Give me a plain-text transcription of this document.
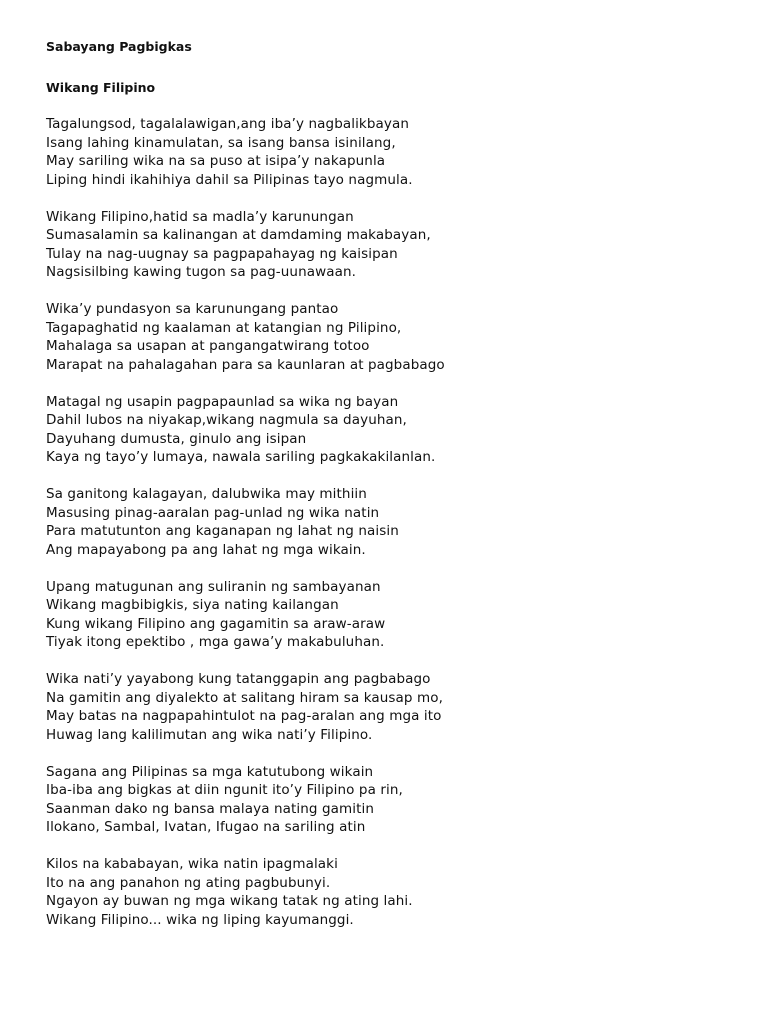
Sabayang Pagbigkas

Wikang Filipino

Tagalungsod, tagalalawigan,ang iba’y nagbalikbayan
Isang lahing kinamulatan, sa isang bansa isinilang,
May sariling wika na sa puso at isipa’y nakapunla
Liping hindi ikahihiya dahil sa Pilipinas tayo nagmula.
Wikang Filipino,hatid sa madla’y karunungan
Sumasalamin sa kalinangan at damdaming makabayan,
Tulay na nag-uugnay sa pagpapahayag ng kaisipan
Nagsisilbing kawing tugon sa pag-uunawaan.
Wika’y pundasyon sa karunungang pantao
Tagapaghatid ng kaalaman at katangian ng Pilipino,
Mahalaga sa usapan at pangangatwirang totoo
Marapat na pahalagahan para sa kaunlaran at pagbabago
Matagal ng usapin pagpapaunlad sa wika ng bayan
Dahil lubos na niyakap,wikang nagmula sa dayuhan,
Dayuhang dumusta, ginulo ang isipan
Kaya ng tayo’y lumaya, nawala sariling pagkakakilanlan.
Sa ganitong kalagayan, dalubwika may mithiin
Masusing pinag-aaralan pag-unlad ng wika natin
Para matutunton ang kaganapan ng lahat ng naisin
Ang mapayabong pa ang lahat ng mga wikain.
Upang matugunan ang suliranin ng sambayanan
Wikang magbibigkis, siya nating kailangan
Kung wikang Filipino ang gagamitin sa araw-araw
Tiyak itong epektibo , mga gawa’y makabuluhan.
Wika nati’y yayabong kung tatanggapin ang pagbabago
Na gamitin ang diyalekto at salitang hiram sa kausap mo,
May batas na nagpapahintulot na pag-aralan ang mga ito
Huwag lang kalilimutan ang wika nati’y Filipino.
Sagana ang Pilipinas sa mga katutubong wikain
Iba-iba ang bigkas at diin ngunit ito’y Filipino pa rin,
Saanman dako ng bansa malaya nating gamitin
Ilokano, Sambal, Ivatan, Ifugao na sariling atin
Kilos na kababayan, wika natin ipagmalaki
Ito na ang panahon ng ating pagbubunyi.
Ngayon ay buwan ng mga wikang tatak ng ating lahi.
Wikang Filipino... wika ng liping kayumanggi.
